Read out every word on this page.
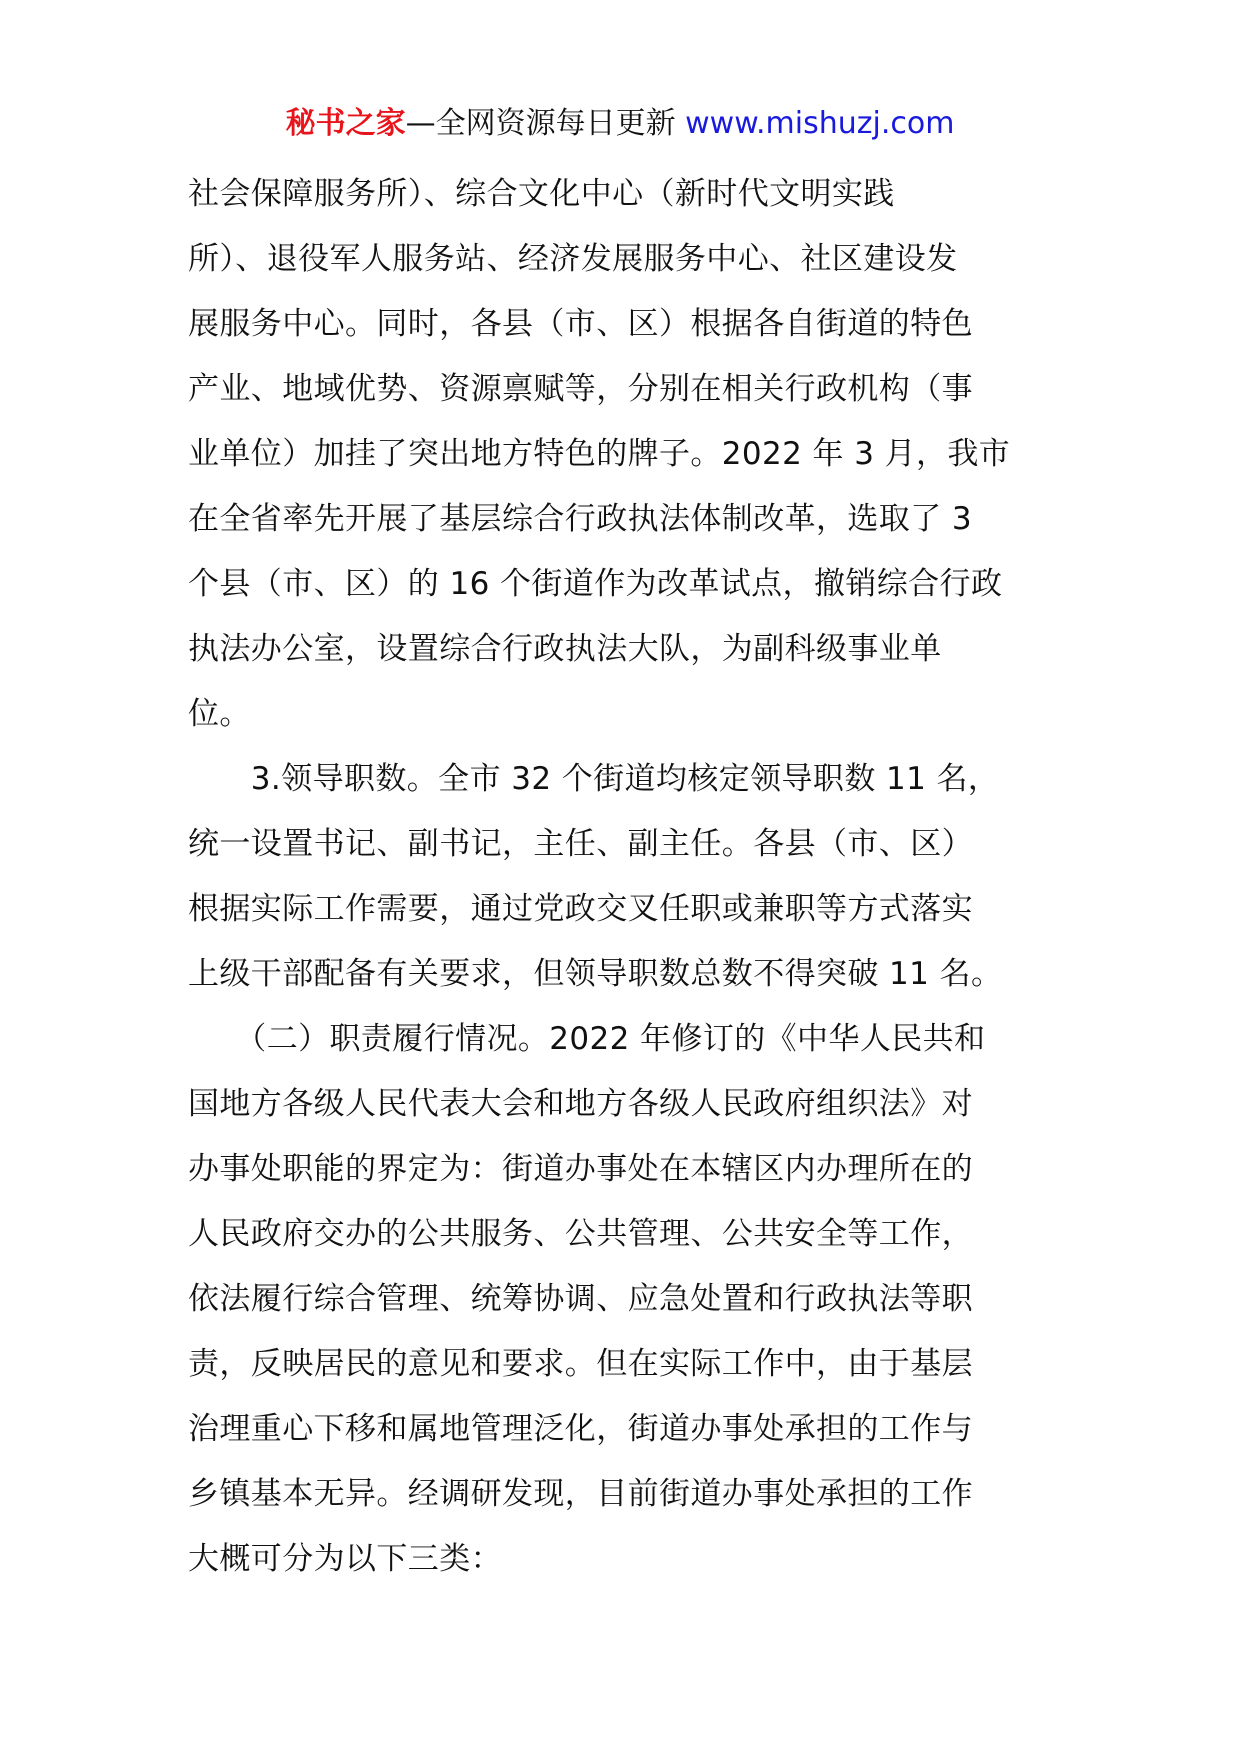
秘书之家—全网资源每日更新 www.mishuzj.com
社会保障服务所）、综合文化中心（新时代文明实践
所）、退役军人服务站、经济发展服务中心、社区建设发
展服务中心。同时，各县（市、区）根据各自街道的特色
产业、地域优势、资源禀赋等，分别在相关行政机构（事
业单位）加挂了突出地方特色的牌子。2022 年 3 月，我市
在全省率先开展了基层综合行政执法体制改革，选取了 3
个县（市、区）的 16 个街道作为改革试点，撤销综合行政
执法办公室，设置综合行政执法大队，为副科级事业单
位。
　　3.领导职数。全市 32 个街道均核定领导职数 11 名，
统一设置书记、副书记，主任、副主任。各县（市、区）
根据实际工作需要，通过党政交叉任职或兼职等方式落实
上级干部配备有关要求，但领导职数总数不得突破 11 名。
　　（二）职责履行情况。2022 年修订的《中华人民共和
国地方各级人民代表大会和地方各级人民政府组织法》对
办事处职能的界定为：街道办事处在本辖区内办理所在的
人民政府交办的公共服务、公共管理、公共安全等工作，
依法履行综合管理、统筹协调、应急处置和行政执法等职
责，反映居民的意见和要求。但在实际工作中，由于基层
治理重心下移和属地管理泛化，街道办事处承担的工作与
乡镇基本无异。经调研发现，目前街道办事处承担的工作
大概可分为以下三类：
